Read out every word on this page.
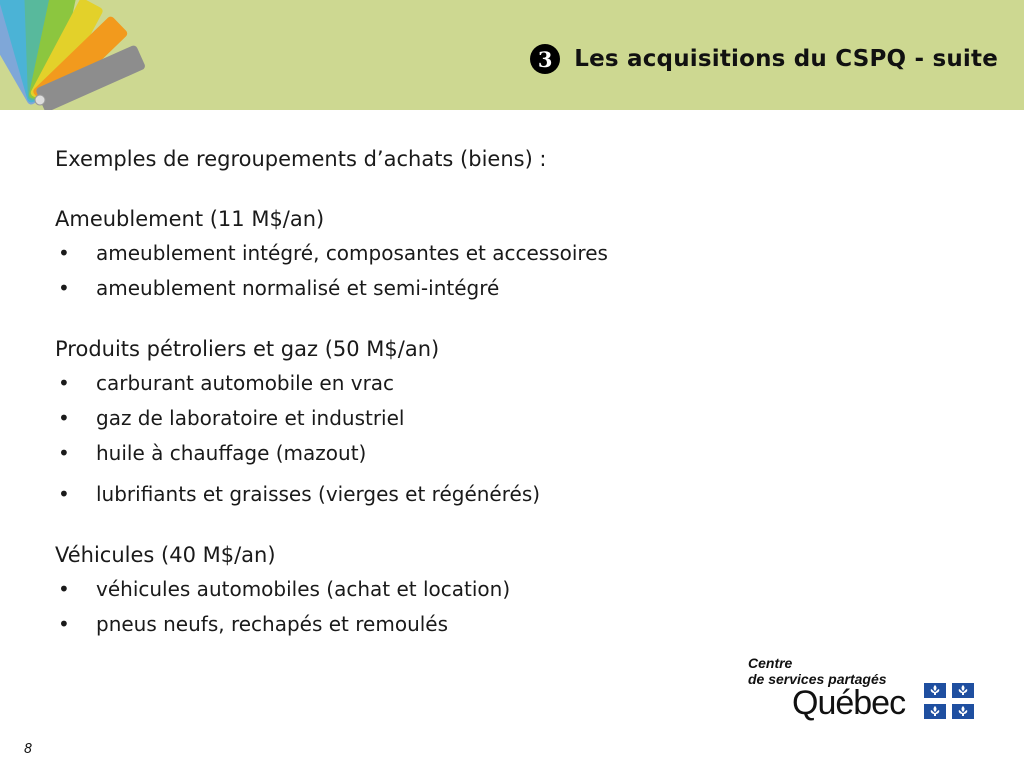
3 Les acquisitions du CSPQ - suite
Exemples de regroupements d’achats (biens) :
Ameublement (11 M$/an)
•	ameublement intégré, composantes et accessoires
•	ameublement normalisé et semi-intégré
Produits pétroliers et gaz (50 M$/an)
•	carburant automobile en vrac
•	gaz de laboratoire et industriel
•	huile à chauffage (mazout)
•	lubrifiants et graisses (vierges et régénérés)
Véhicules (40 M$/an)
•	véhicules automobiles (achat et location)
•	pneus neufs, rechapés et remoulés
Centre
de services partagés
Québec
8
